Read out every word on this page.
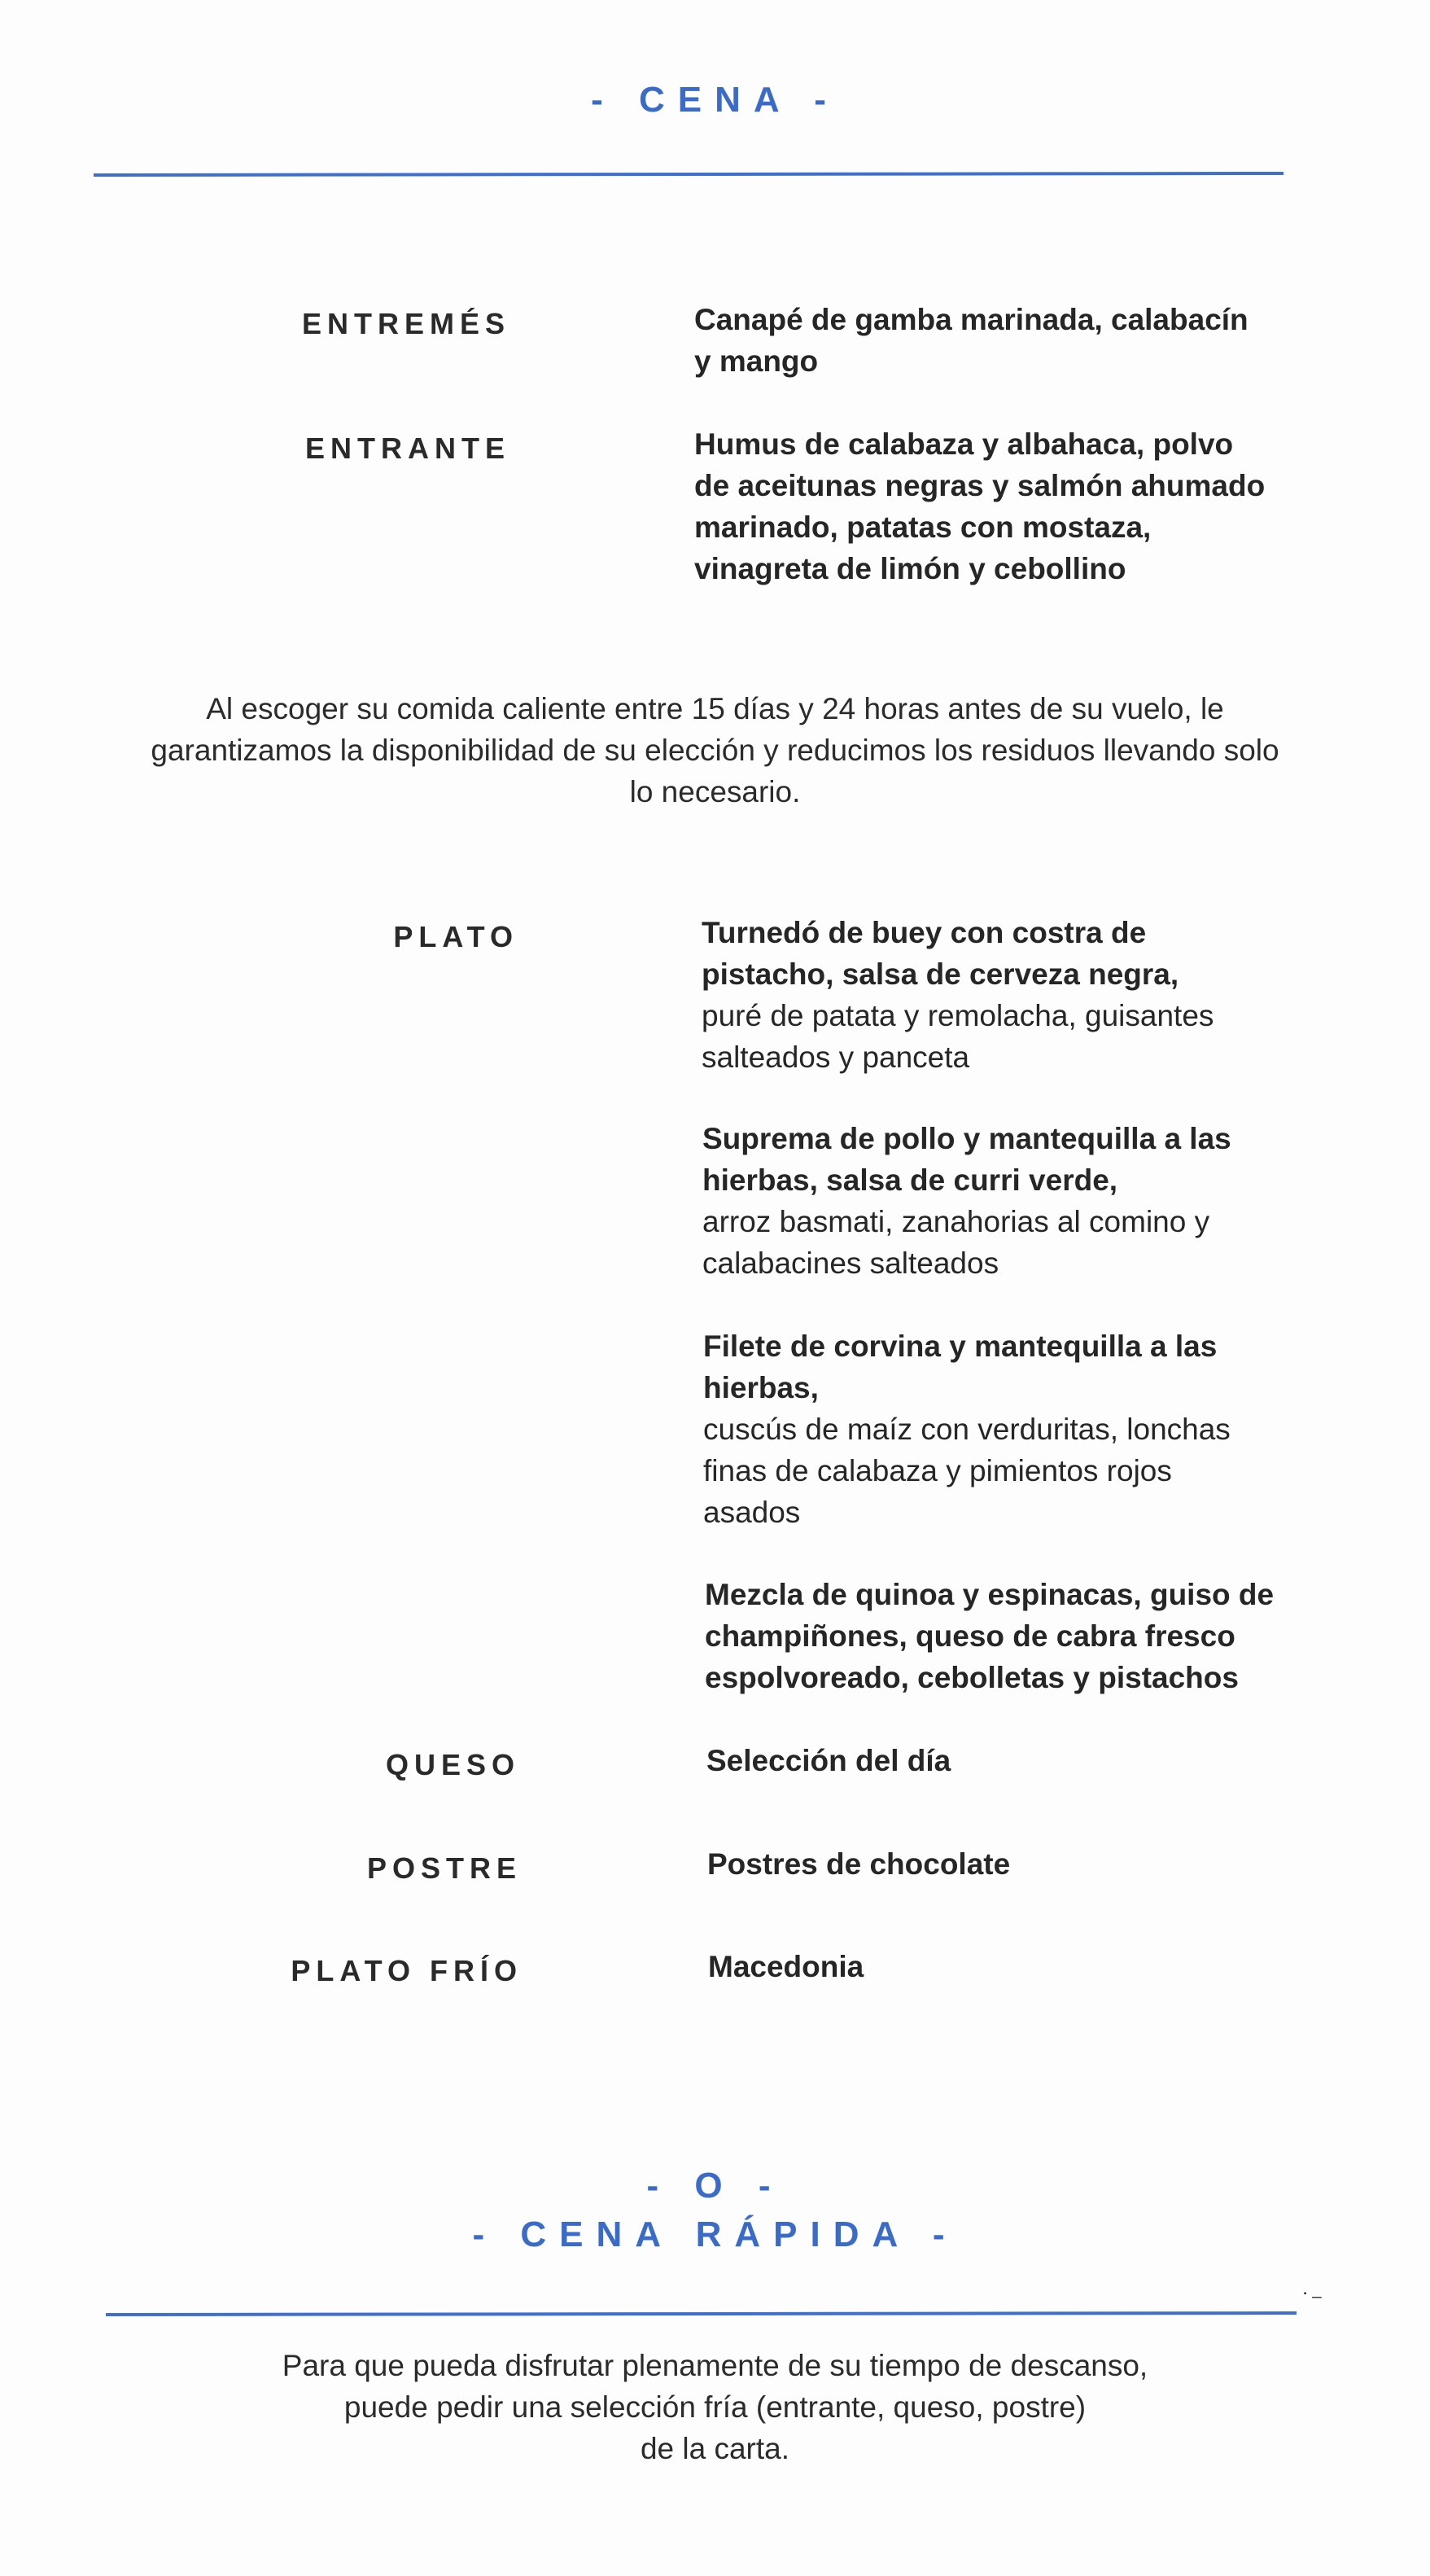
- CENA -
ENTREMÉS	Canapé de gamba marinada, calabacín
y mango
ENTRANTE	Humus de calabaza y albahaca, polvo
de aceitunas negras y salmón ahumado
marinado, patatas con mostaza,
vinagreta de limón y cebollino
Al escoger su comida caliente entre 15 días y 24 horas antes de su vuelo, le
garantizamos la disponibilidad de su elección y reducimos los residuos llevando solo
lo necesario.
PLATO	Turnedó de buey con costra de
pistacho, salsa de cerveza negra,
puré de patata y remolacha, guisantes
salteados y panceta
Suprema de pollo y mantequilla a las
hierbas, salsa de curri verde,
arroz basmati, zanahorias al comino y
calabacines salteados
Filete de corvina y mantequilla a las
hierbas,
cuscús de maíz con verduritas, lonchas
finas de calabaza y pimientos rojos
asados
Mezcla de quinoa y espinacas, guiso de
champiñones, queso de cabra fresco
espolvoreado, cebolletas y pistachos
QUESO	Selección del día
POSTRE	Postres de chocolate
PLATO FRÍO	Macedonia
- O -
- CENA RÁPIDA -
˙⁻
Para que pueda disfrutar plenamente de su tiempo de descanso,
puede pedir una selección fría (entrante, queso, postre)
de la carta.
